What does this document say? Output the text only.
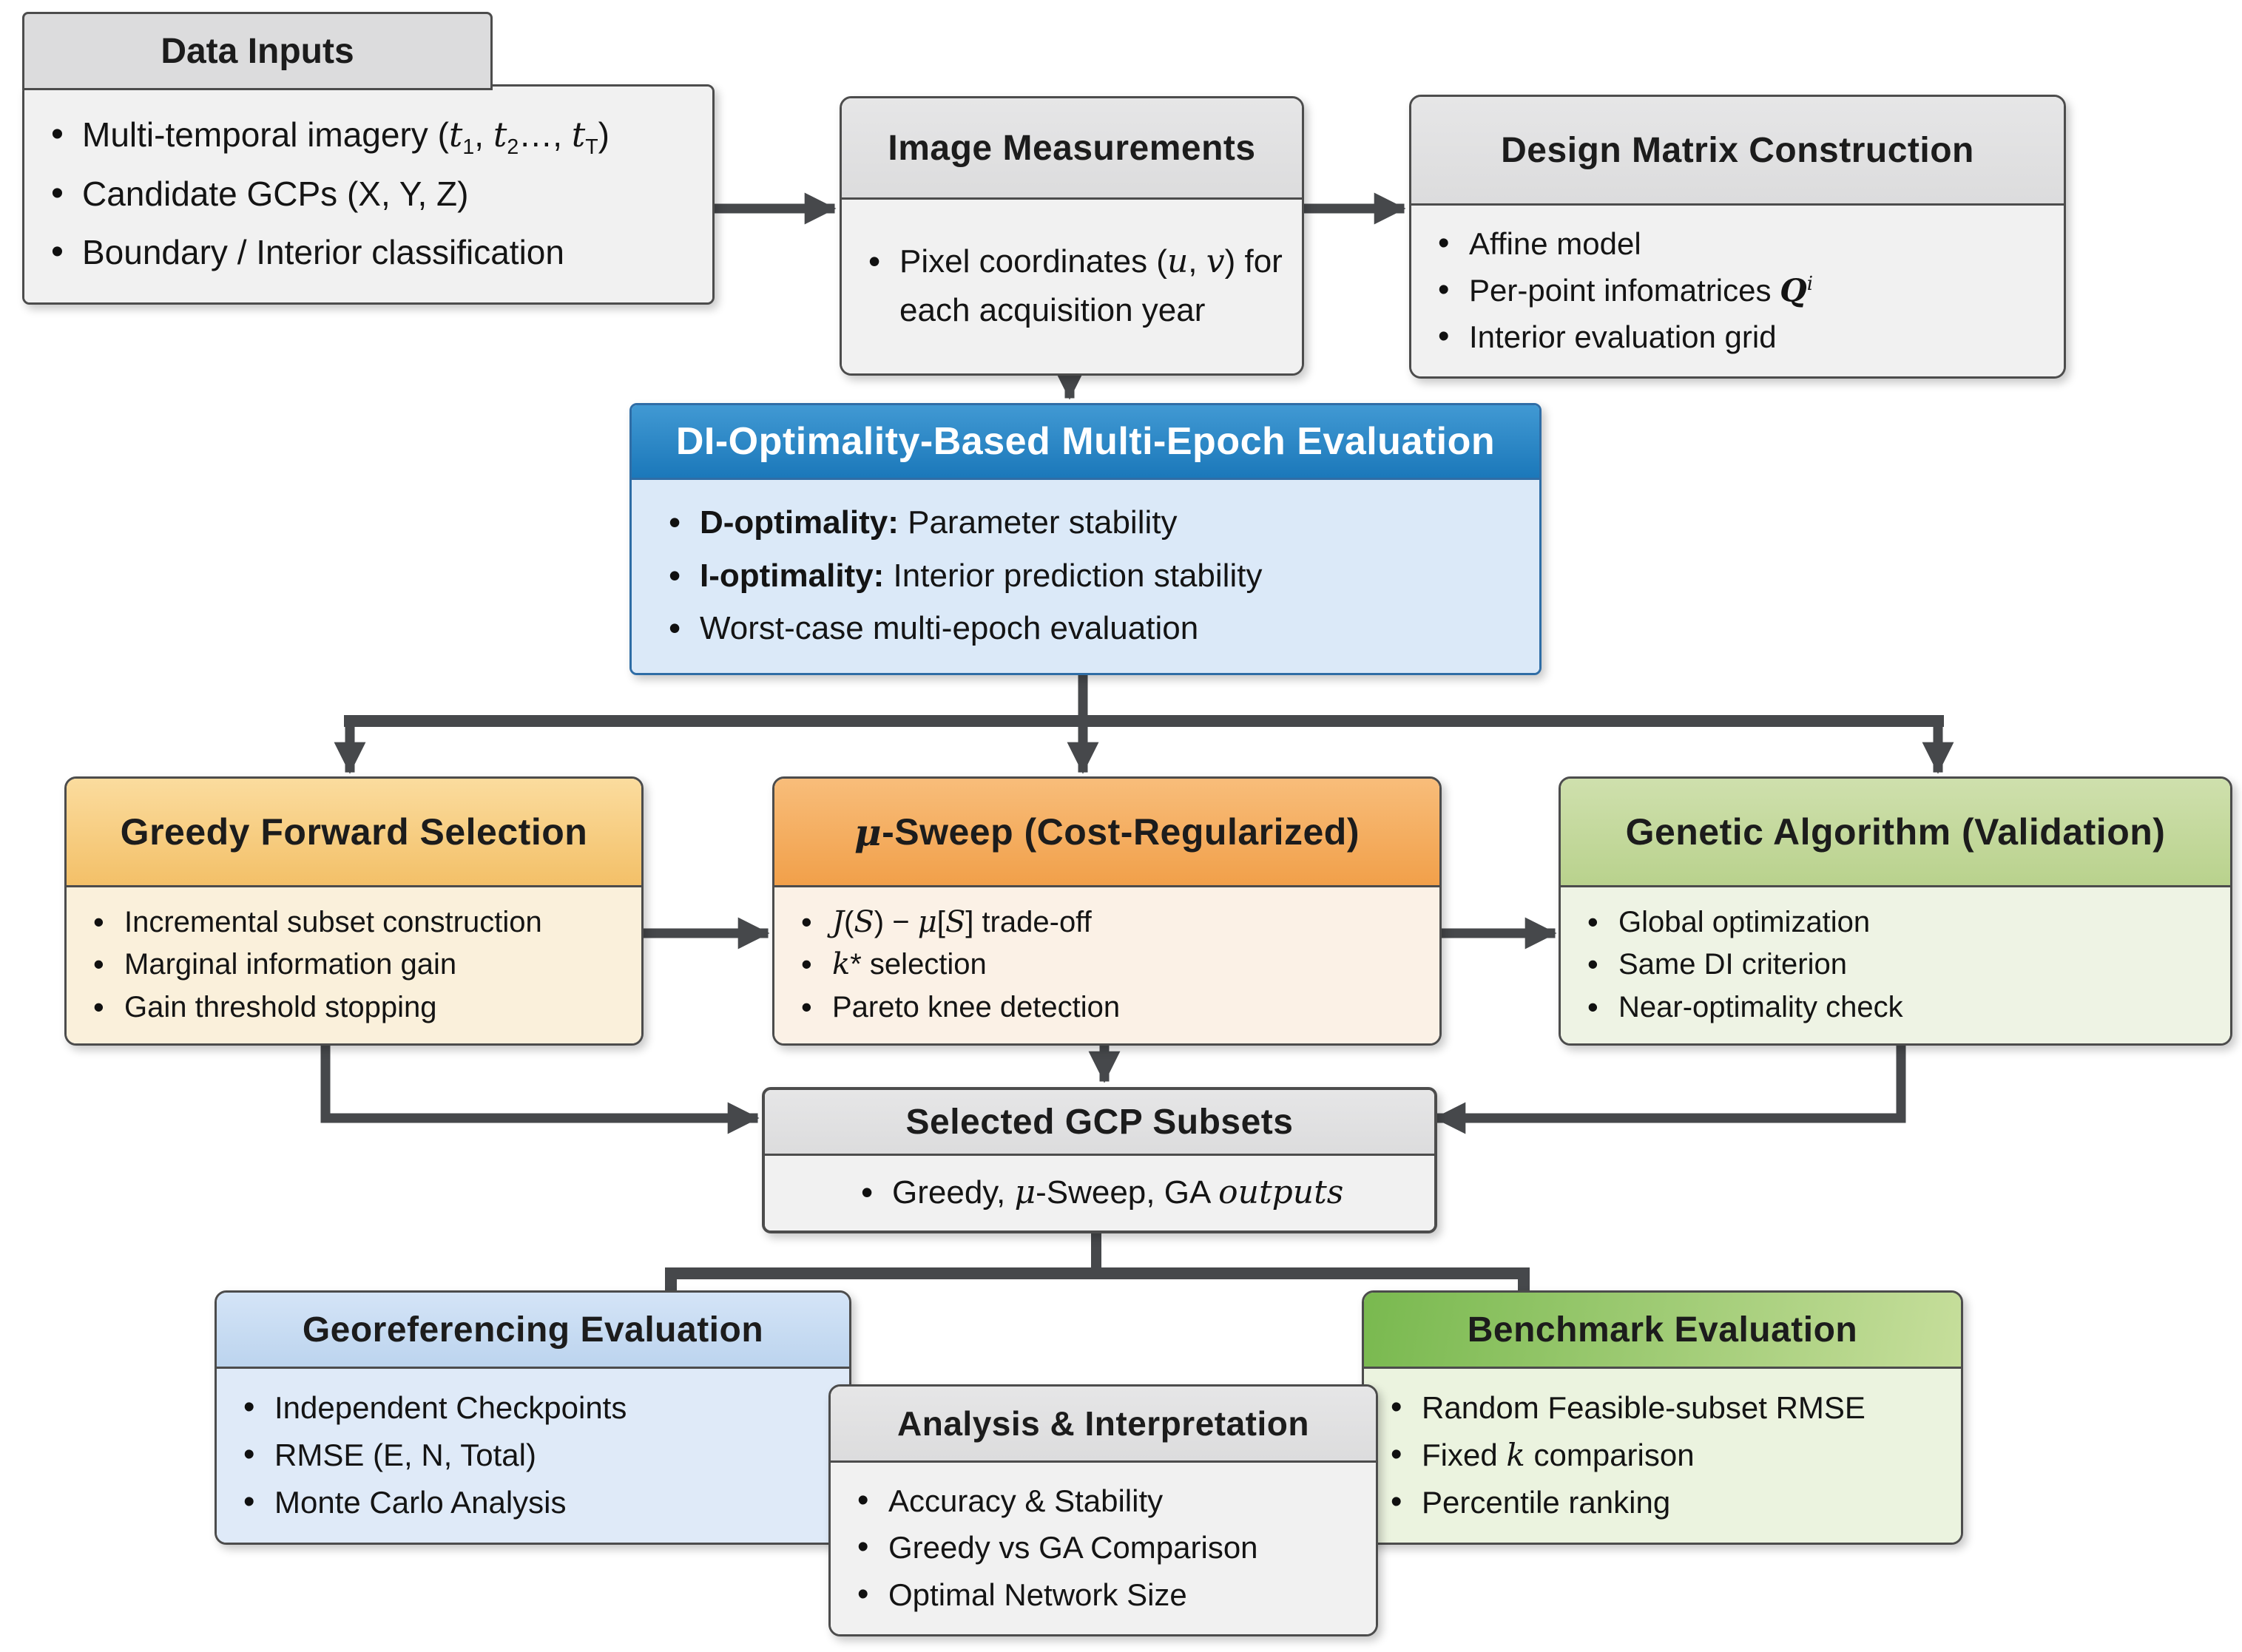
Data Inputs
• Multi-temporal imagery ($t_1$, $t_2\dots$, $t_T$)
• Candidate GCPs (X, Y, Z)
• Boundary / Interior classification
Image Measurements
• Pixel coordinates (u, v) for each acquisition year
Design Matrix Construction
• Affine model
• Per-point infomatrices $Q^i$
• Interior evaluation grid
DI-Optimality-Based Multi-Epoch Evaluation
• D-optimality: Parameter stability
• I-optimality: Interior prediction stability
• Worst-case multi-epoch evaluation
Greedy Forward Selection
• Incremental subset construction
• Marginal information gain
• Gain threshold stopping
μ -Sweep (Cost-Regularized)
• J(S) − μ[S] trade-off
• k* selection
• Pareto knee detection
Genetic Algorithm (Validation)
• Global optimization
• Same DI criterion
• Near-optimality check
Selected GCP Subsets
• Greedy, μ-Sweep, GA outputs
Georeferencing Evaluation
• Independent Checkpoints
• RMSE (E, N, Total)
• Monte Carlo Analysis
Benchmark Evaluation
• Random Feasible-subset RMSE
• Fixed k comparison
• Percentile ranking
Analysis & Interpretation
• Accuracy & Stability
• Greedy vs GA Comparison
• Optimal Network Size
